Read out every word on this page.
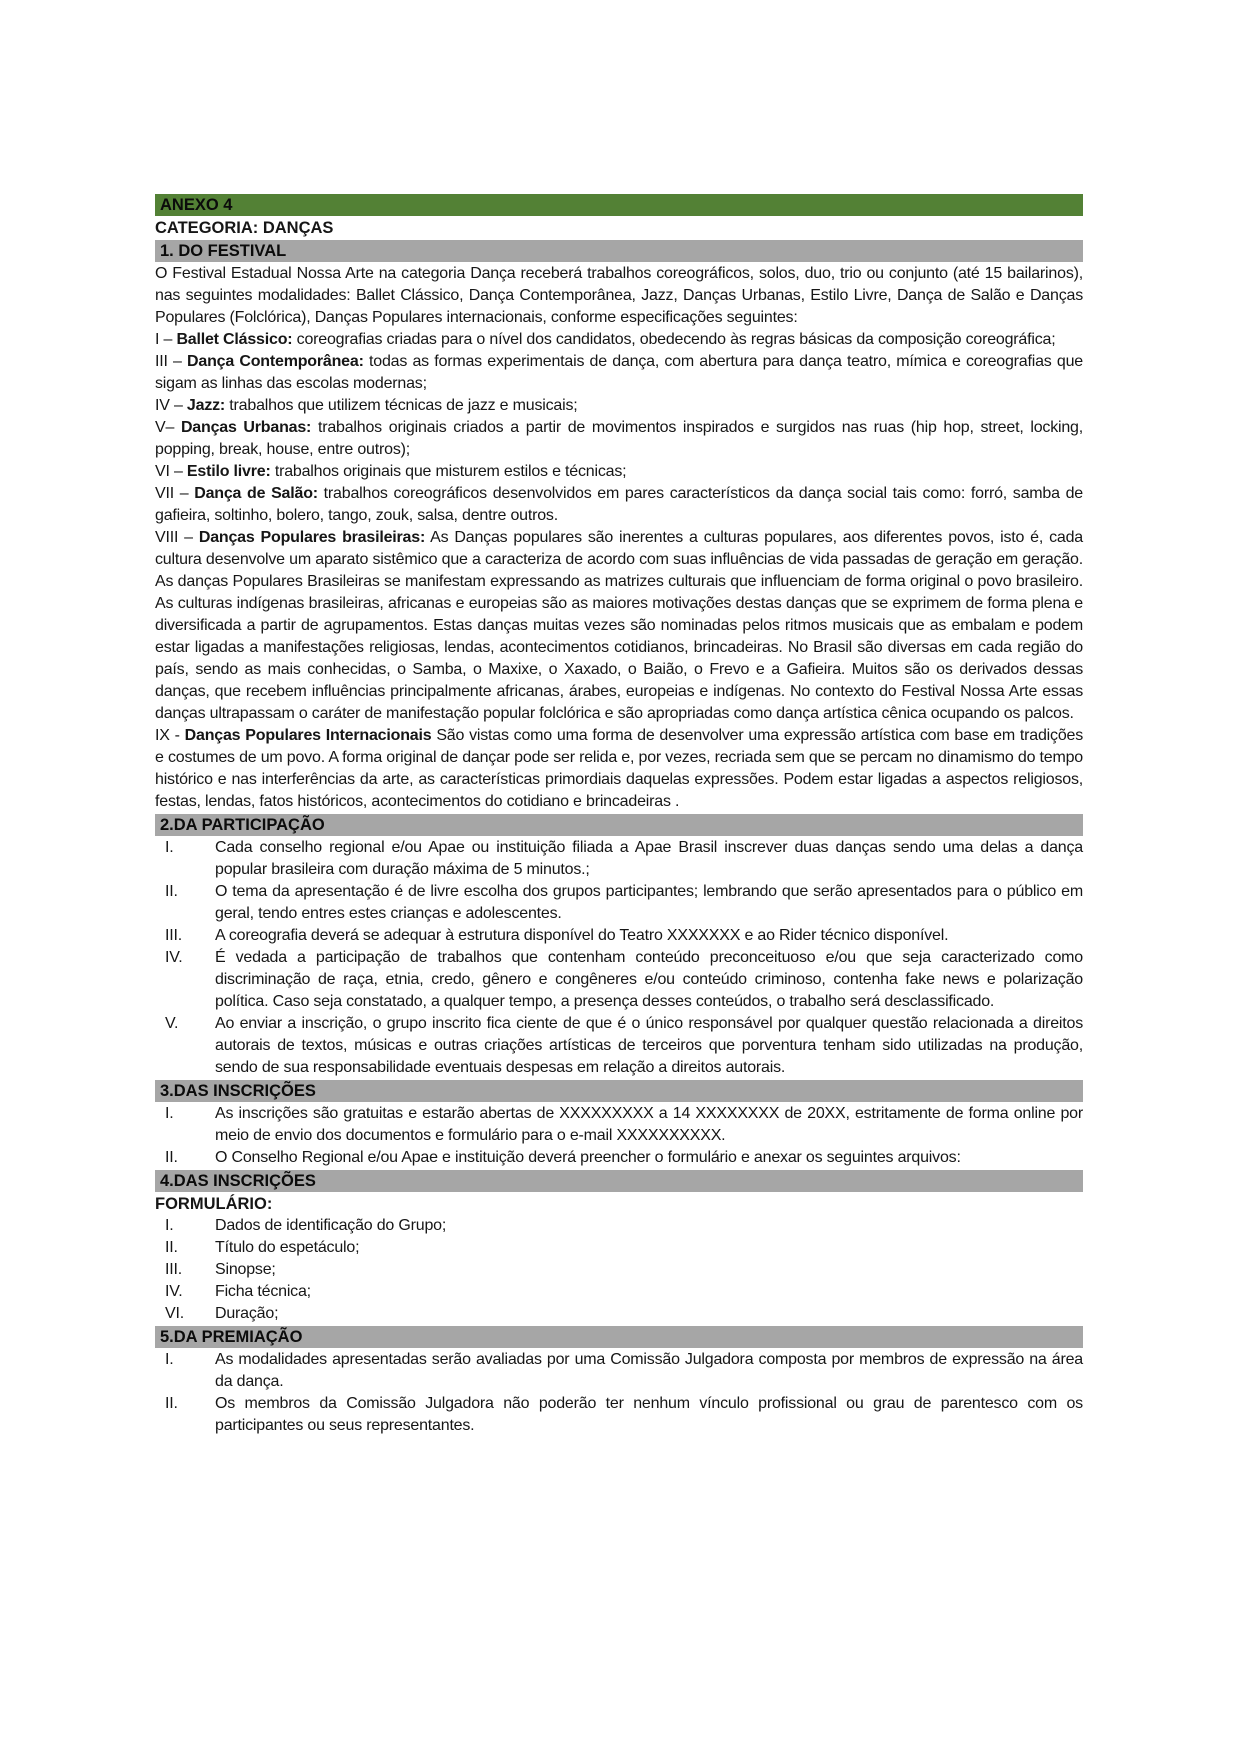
ANEXO 4
CATEGORIA: DANÇAS
1. DO FESTIVAL

O Festival Estadual Nossa Arte na categoria Dança receberá trabalhos coreográficos, solos, duo, trio ou conjunto (até 15 bailarinos), nas seguintes modalidades: Ballet Clássico, Dança Contemporânea, Jazz, Danças Urbanas, Estilo Livre, Dança de Salão e Danças Populares (Folclórica), Danças Populares internacionais, conforme especificações seguintes:

I – Ballet Clássico: coreografias criadas para o nível dos candidatos, obedecendo às regras básicas da composição coreográfica;

III – Dança Contemporânea: todas as formas experimentais de dança, com abertura para dança teatro, mímica e coreografias que sigam as linhas das escolas modernas;

IV – Jazz: trabalhos que utilizem técnicas de jazz e musicais;

V– Danças Urbanas: trabalhos originais criados a partir de movimentos inspirados e surgidos nas ruas (hip hop, street, locking, popping, break, house, entre outros);

VI – Estilo livre: trabalhos originais que misturem estilos e técnicas;

VII – Dança de Salão: trabalhos coreográficos desenvolvidos em pares característicos da dança social tais como: forró, samba de gafieira, soltinho, bolero, tango, zouk, salsa, dentre outros.

VIII – Danças Populares brasileiras: As Danças populares são inerentes a culturas populares, aos diferentes povos, isto é, cada cultura desenvolve um aparato sistêmico que a caracteriza de acordo com suas influências de vida passadas de geração em geração. As danças Populares Brasileiras se manifestam expressando as matrizes culturais que influenciam de forma original o povo brasileiro. As culturas indígenas brasileiras, africanas e europeias são as maiores motivações destas danças que se exprimem de forma plena e diversificada a partir de agrupamentos. Estas danças muitas vezes são nominadas pelos ritmos musicais que as embalam e podem estar ligadas a manifestações religiosas, lendas, acontecimentos cotidianos, brincadeiras. No Brasil são diversas em cada região do país, sendo as mais conhecidas, o Samba, o Maxixe, o Xaxado, o Baião, o Frevo e a Gafieira. Muitos são os derivados dessas danças, que recebem influências principalmente africanas, árabes, europeias e indígenas. No contexto do Festival Nossa Arte essas danças ultrapassam o caráter de manifestação popular folclórica e são apropriadas como dança artística cênica ocupando os palcos.

IX - Danças Populares Internacionais São vistas como uma forma de desenvolver uma expressão artística com base em tradições e costumes de um povo. A forma original de dançar pode ser relida e, por vezes, recriada sem que se percam no dinamismo do tempo histórico e nas interferências da arte, as características primordiais daquelas expressões. Podem estar ligadas a aspectos religiosos, festas, lendas, fatos históricos, acontecimentos do cotidiano e brincadeiras .

2.DA PARTICIPAÇÃO
I.	Cada conselho regional e/ou Apae ou instituição filiada a Apae Brasil inscrever duas danças sendo uma delas a dança popular brasileira com duração máxima de 5 minutos.;
II.	O tema da apresentação é de livre escolha dos grupos participantes; lembrando que serão apresentados para o público em geral, tendo entres estes crianças e adolescentes.
III.	A coreografia deverá se adequar à estrutura disponível do Teatro XXXXXXX e ao Rider técnico disponível.
IV.	É vedada a participação de trabalhos que contenham conteúdo preconceituoso e/ou que seja caracterizado como discriminação de raça, etnia, credo, gênero e congêneres e/ou conteúdo criminoso, contenha fake news e polarização política. Caso seja constatado, a qualquer tempo, a presença desses conteúdos, o trabalho será desclassificado.
V.	Ao enviar a inscrição, o grupo inscrito fica ciente de que é o único responsável por qualquer questão relacionada a direitos autorais de textos, músicas e outras criações artísticas de terceiros que porventura tenham sido utilizadas na produção, sendo de sua responsabilidade eventuais despesas em relação a direitos autorais.
3.DAS INSCRIÇÕES
I.	As inscrições são gratuitas e estarão abertas de XXXXXXXXX a 14 XXXXXXXX de 20XX, estritamente de forma online por meio de envio dos documentos e formulário para o e-mail XXXXXXXXXX.
II.	O Conselho Regional e/ou Apae e instituição deverá preencher o formulário e anexar os seguintes arquivos:
4.DAS INSCRIÇÕES
FORMULÁRIO:
I.	Dados de identificação do Grupo;
II.	Título do espetáculo;
III.	Sinopse;
IV.	Ficha técnica;
VI.	Duração;
5.DA PREMIAÇÃO
I.	As modalidades apresentadas serão avaliadas por uma Comissão Julgadora composta por membros de expressão na área da dança.
II.	Os membros da Comissão Julgadora não poderão ter nenhum vínculo profissional ou grau de parentesco com os participantes ou seus representantes.
